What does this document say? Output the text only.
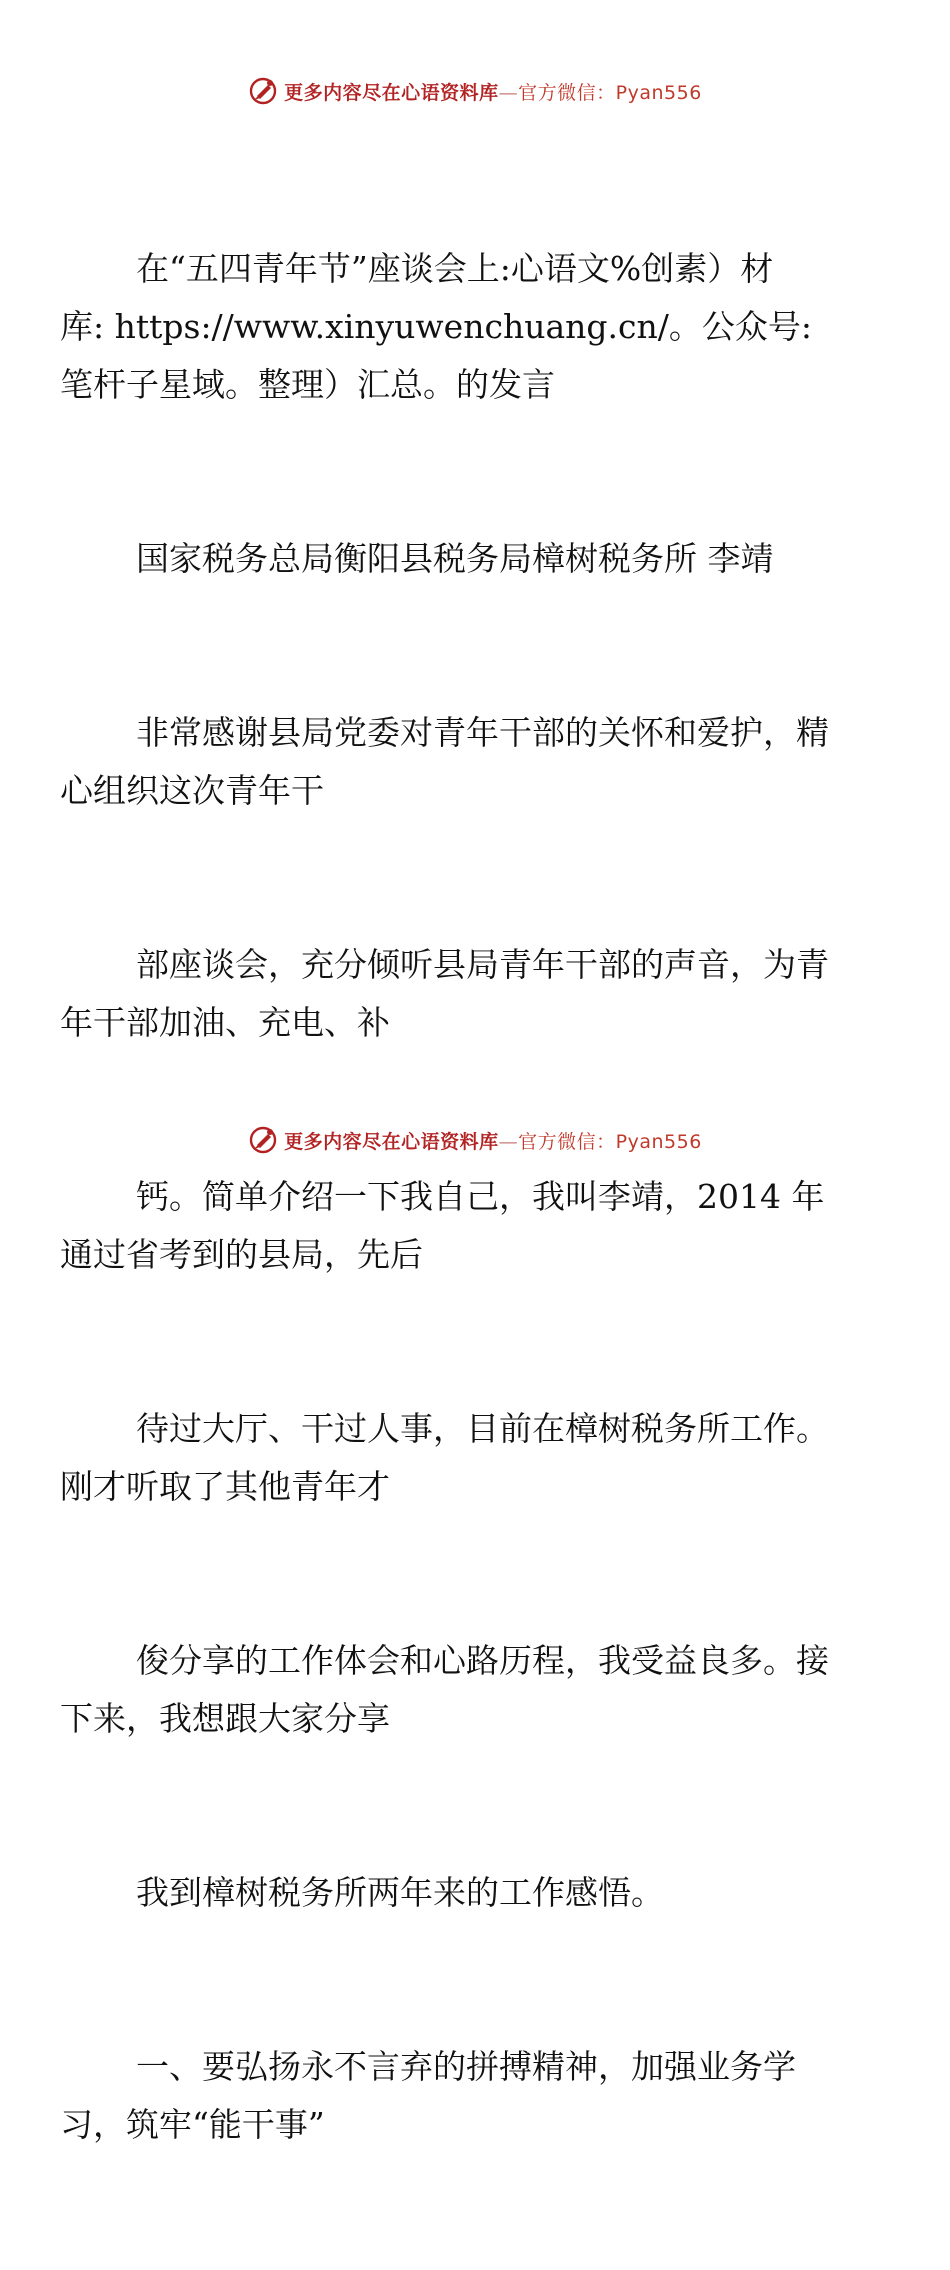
更多内容尽在心语资料库—官方微信：Pyan556

在“五四青年节”座谈会上:心语文%创素）材
库: https://www.xinyuwenchuang.cn/。公众号:
笔杆子星域。整理）汇总。的发言

国家税务总局衡阳县税务局樟树税务所 李靖

非常感谢县局党委对青年干部的关怀和爱护，精
心组织这次青年干

部座谈会，充分倾听县局青年干部的声音，为青
年干部加油、充电、补

钙。简单介绍一下我自己，我叫李靖，2014 年
通过省考到的县局，先后

待过大厅、干过人事，目前在樟树税务所工作。
刚才听取了其他青年才

俊分享的工作体会和心路历程，我受益良多。接
下来，我想跟大家分享

我到樟树税务所两年来的工作感悟。

一、要弘扬永不言弃的拼搏精神，加强业务学
习，筑牢“能干事”

更多内容尽在心语资料库—官方微信：Pyan556
